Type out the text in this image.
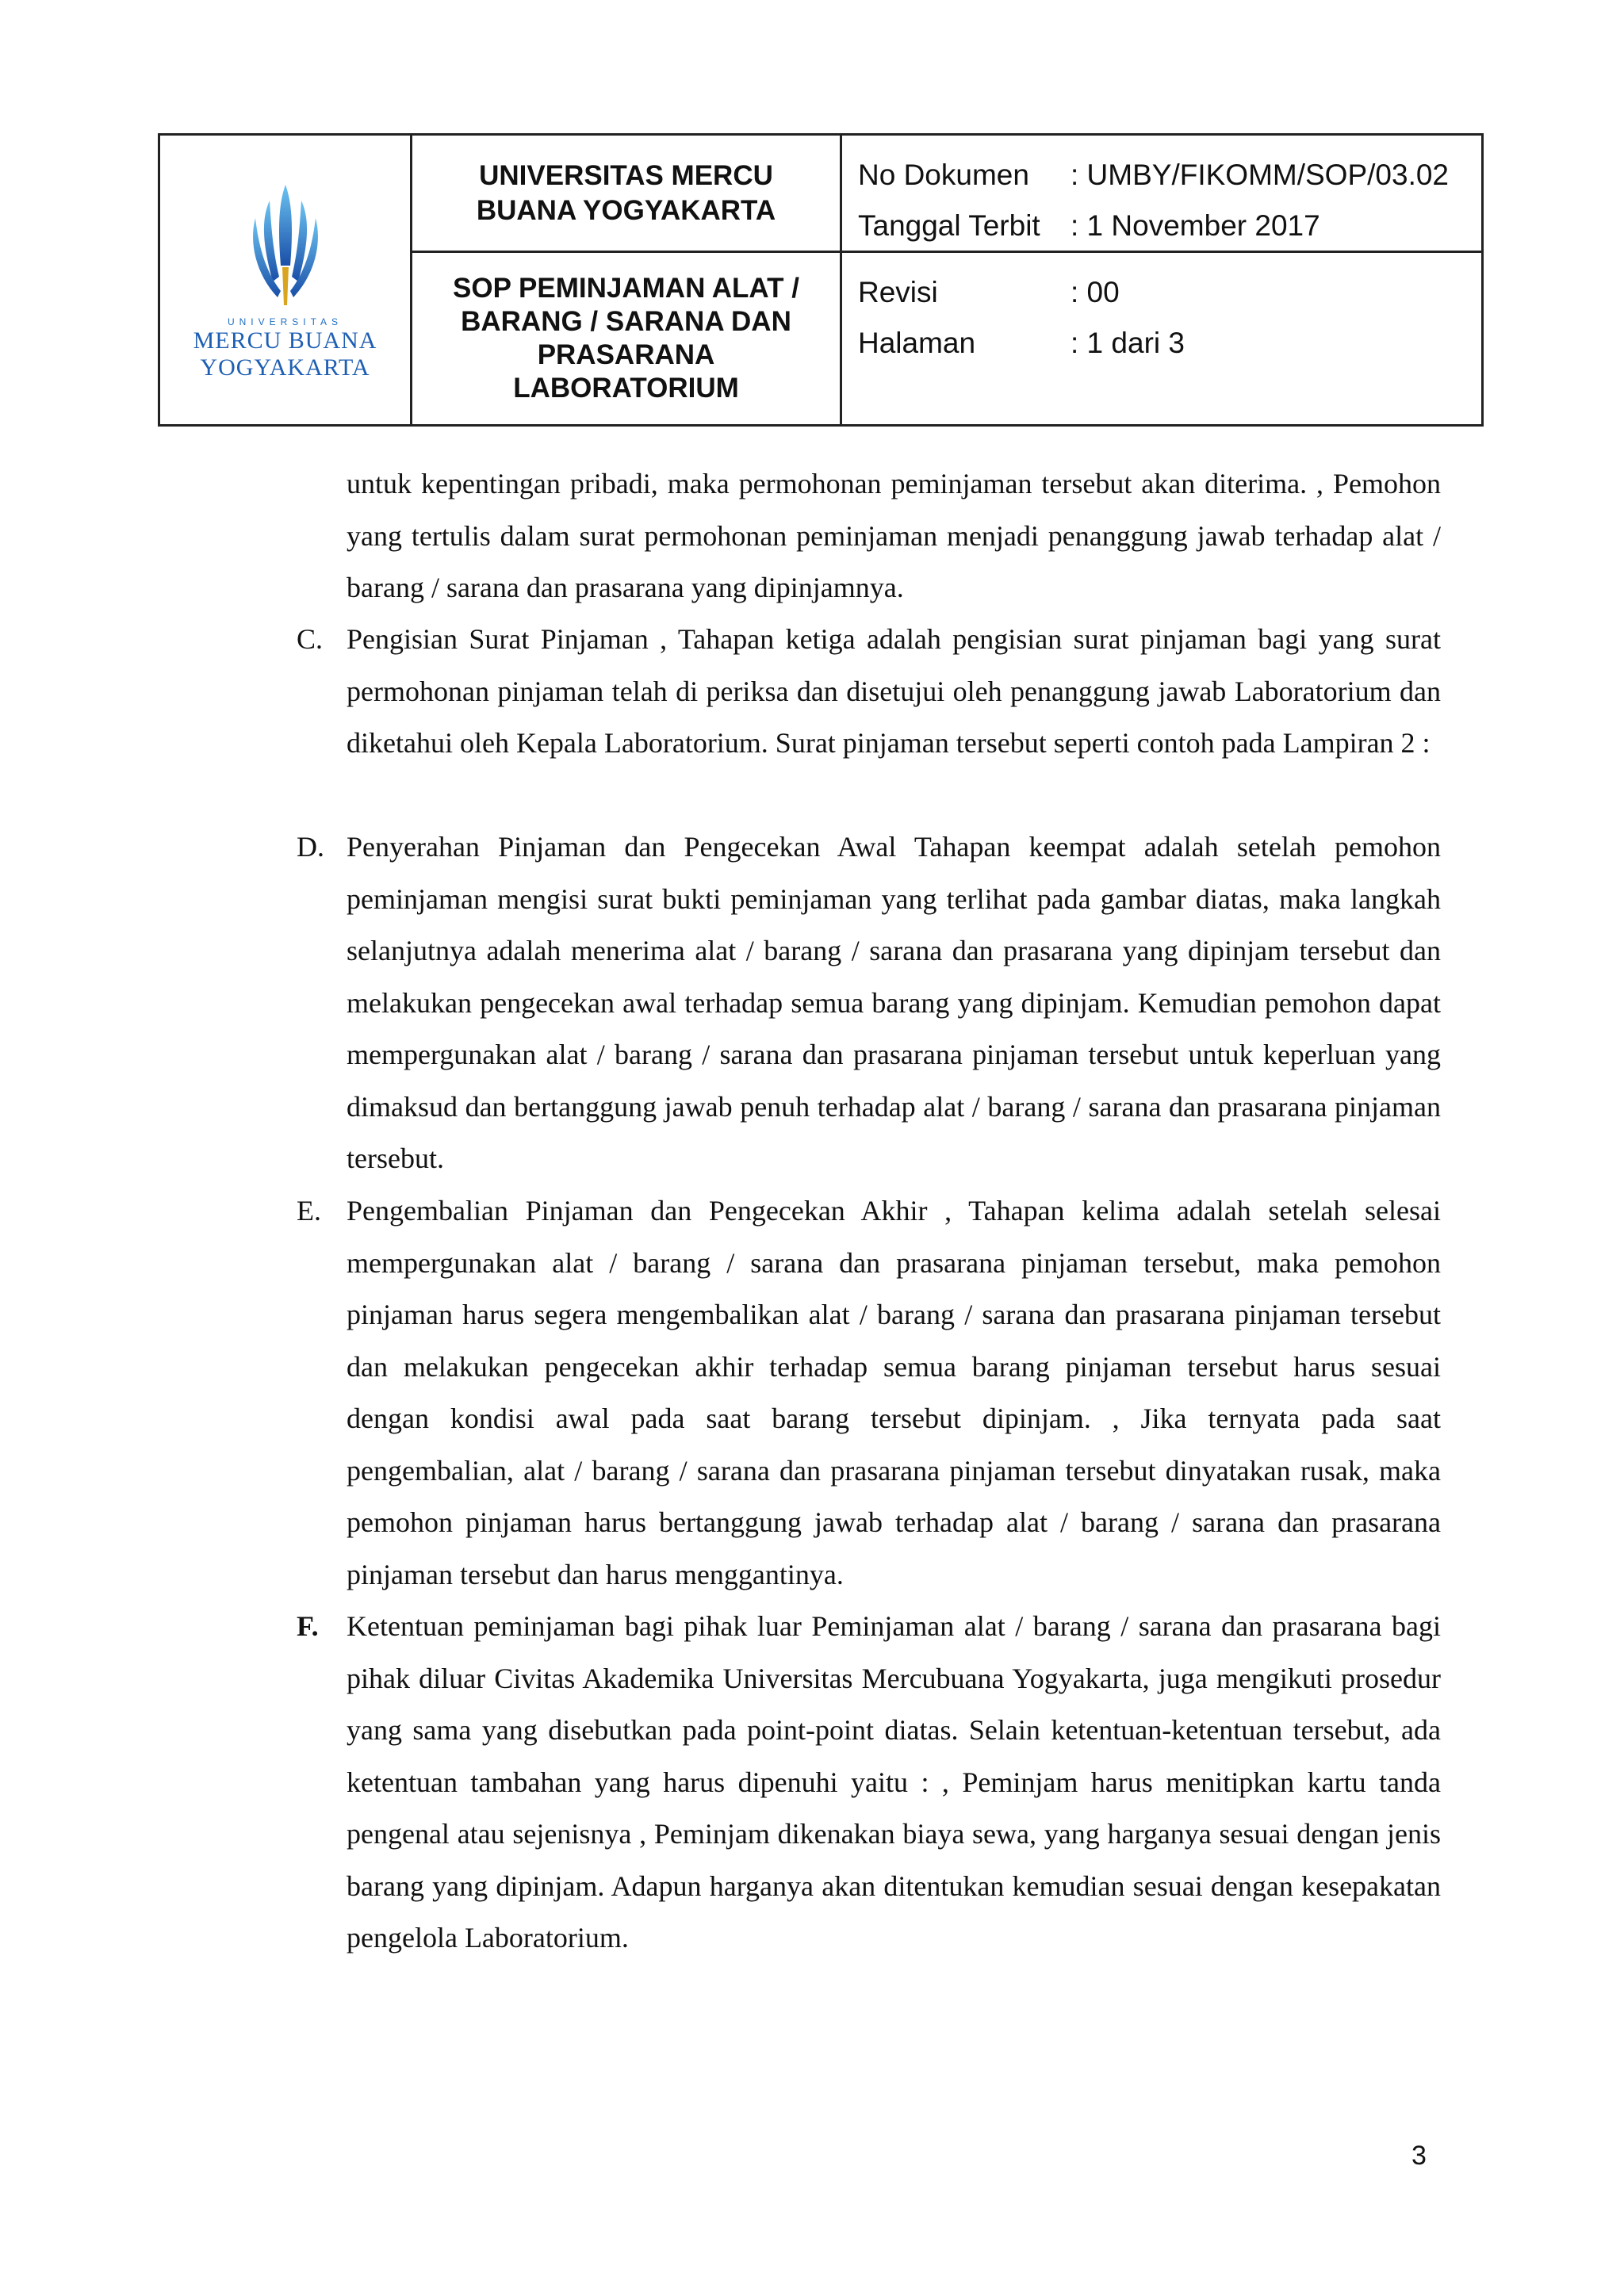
UNIVERSITAS
MERCU BUANA
YOGYAKARTA
UNIVERSITAS MERCU BUANA YOGYAKARTA
No Dokumen	: UMBY/FIKOMM/SOP/03.02
Tanggal Terbit	: 1 November 2017
SOP PEMINJAMAN ALAT / BARANG / SARANA DAN PRASARANA LABORATORIUM
Revisi	: 00
Halaman	: 1 dari 3
untuk kepentingan pribadi, maka permohonan peminjaman tersebut akan diterima. , Pemohon yang tertulis dalam surat permohonan peminjaman menjadi penanggung jawab terhadap alat / barang / sarana dan prasarana yang dipinjamnya.
C. Pengisian Surat Pinjaman , Tahapan ketiga adalah pengisian surat pinjaman bagi yang surat permohonan pinjaman telah di periksa dan disetujui oleh penanggung jawab Laboratorium dan diketahui oleh Kepala Laboratorium. Surat pinjaman tersebut seperti contoh pada Lampiran 2 :
D. Penyerahan Pinjaman dan Pengecekan Awal Tahapan keempat adalah setelah pemohon peminjaman mengisi surat bukti peminjaman yang terlihat pada gambar diatas, maka langkah selanjutnya adalah menerima alat / barang / sarana dan prasarana yang dipinjam tersebut dan melakukan pengecekan awal terhadap semua barang yang dipinjam. Kemudian pemohon dapat mempergunakan alat / barang / sarana dan prasarana pinjaman tersebut untuk keperluan yang dimaksud dan bertanggung jawab penuh terhadap alat / barang / sarana dan prasarana pinjaman tersebut.
E. Pengembalian Pinjaman dan Pengecekan Akhir , Tahapan kelima adalah setelah selesai mempergunakan alat / barang / sarana dan prasarana pinjaman tersebut, maka pemohon pinjaman harus segera mengembalikan alat / barang / sarana dan prasarana pinjaman tersebut dan melakukan pengecekan akhir terhadap semua barang pinjaman tersebut harus sesuai dengan kondisi awal pada saat barang tersebut dipinjam. , Jika ternyata pada saat pengembalian, alat / barang / sarana dan prasarana pinjaman tersebut dinyatakan rusak, maka pemohon pinjaman harus bertanggung jawab terhadap alat / barang / sarana dan prasarana pinjaman tersebut dan harus menggantinya.
F. Ketentuan peminjaman bagi pihak luar Peminjaman alat / barang / sarana dan prasarana bagi pihak diluar Civitas Akademika Universitas Mercubuana Yogyakarta, juga mengikuti prosedur yang sama yang disebutkan pada point-point diatas. Selain ketentuan-ketentuan tersebut, ada ketentuan tambahan yang harus dipenuhi yaitu : , Peminjam harus menitipkan kartu tanda pengenal atau sejenisnya , Peminjam dikenakan biaya sewa, yang harganya sesuai dengan jenis barang yang dipinjam. Adapun harganya akan ditentukan kemudian sesuai dengan kesepakatan pengelola Laboratorium.
3
